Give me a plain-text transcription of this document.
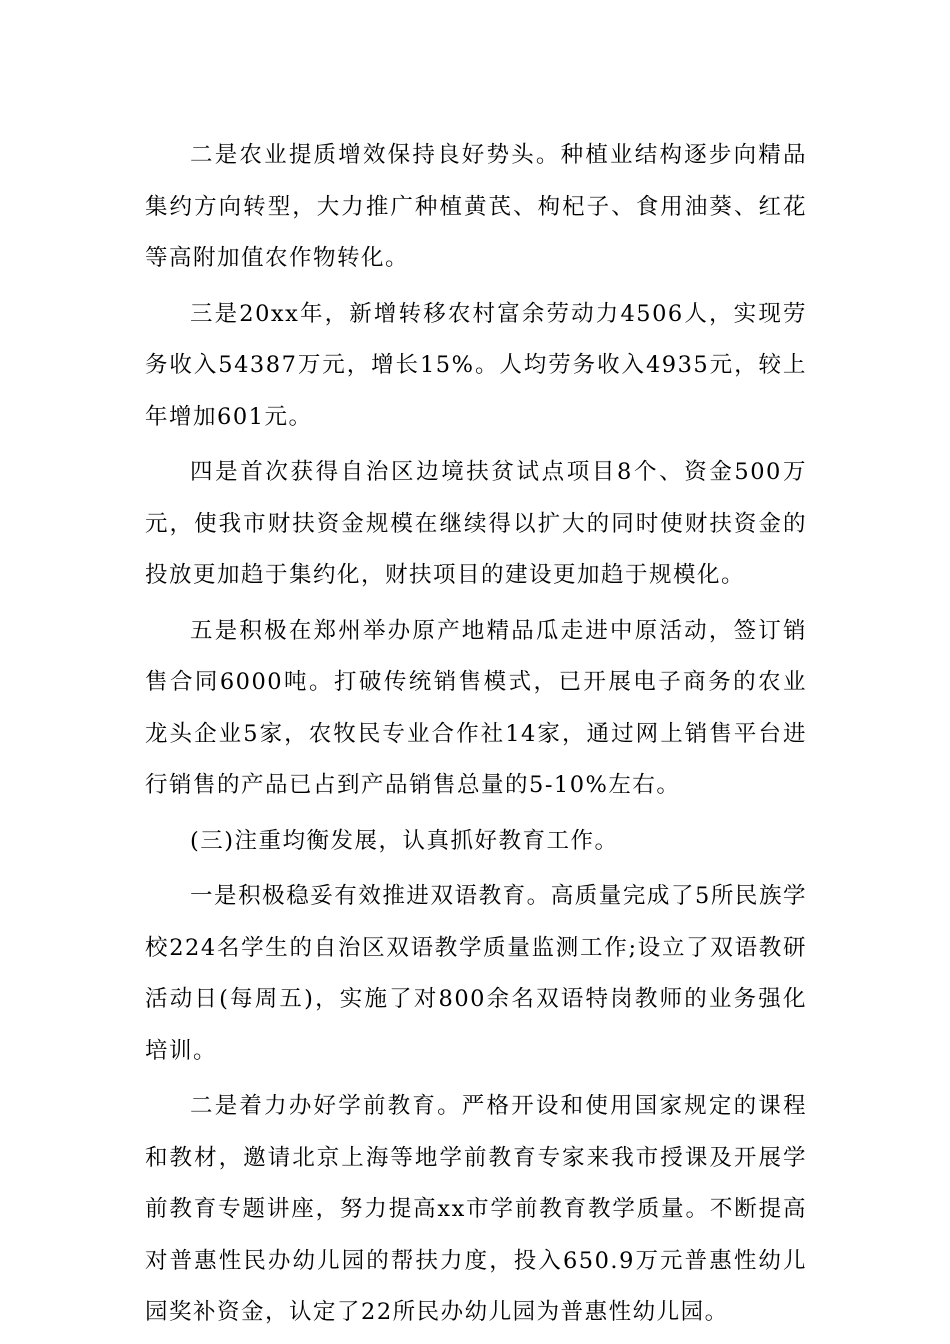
二是农业提质增效保持良好势头。种植业结构逐步向精品集约方向转型，大力推广种植黄芪、枸杞子、食用油葵、红花等高附加值农作物转化。

三是20xx年，新增转移农村富余劳动力4506人，实现劳务收入54387万元，增长15%。人均劳务收入4935元，较上年增加601元。

四是首次获得自治区边境扶贫试点项目8个、资金500万元，使我市财扶资金规模在继续得以扩大的同时使财扶资金的投放更加趋于集约化，财扶项目的建设更加趋于规模化。

五是积极在郑州举办原产地精品瓜走进中原活动，签订销售合同6000吨。打破传统销售模式，已开展电子商务的农业龙头企业5家，农牧民专业合作社14家，通过网上销售平台进行销售的产品已占到产品销售总量的5-10%左右。

(三)注重均衡发展，认真抓好教育工作。

一是积极稳妥有效推进双语教育。高质量完成了5所民族学校224名学生的自治区双语教学质量监测工作;设立了双语教研活动日(每周五)，实施了对800余名双语特岗教师的业务强化培训。

二是着力办好学前教育。严格开设和使用国家规定的课程和教材，邀请北京上海等地学前教育专家来我市授课及开展学前教育专题讲座，努力提高xx市学前教育教学质量。不断提高对普惠性民办幼儿园的帮扶力度，投入650.9万元普惠性幼儿园奖补资金，认定了22所民办幼儿园为普惠性幼儿园。
